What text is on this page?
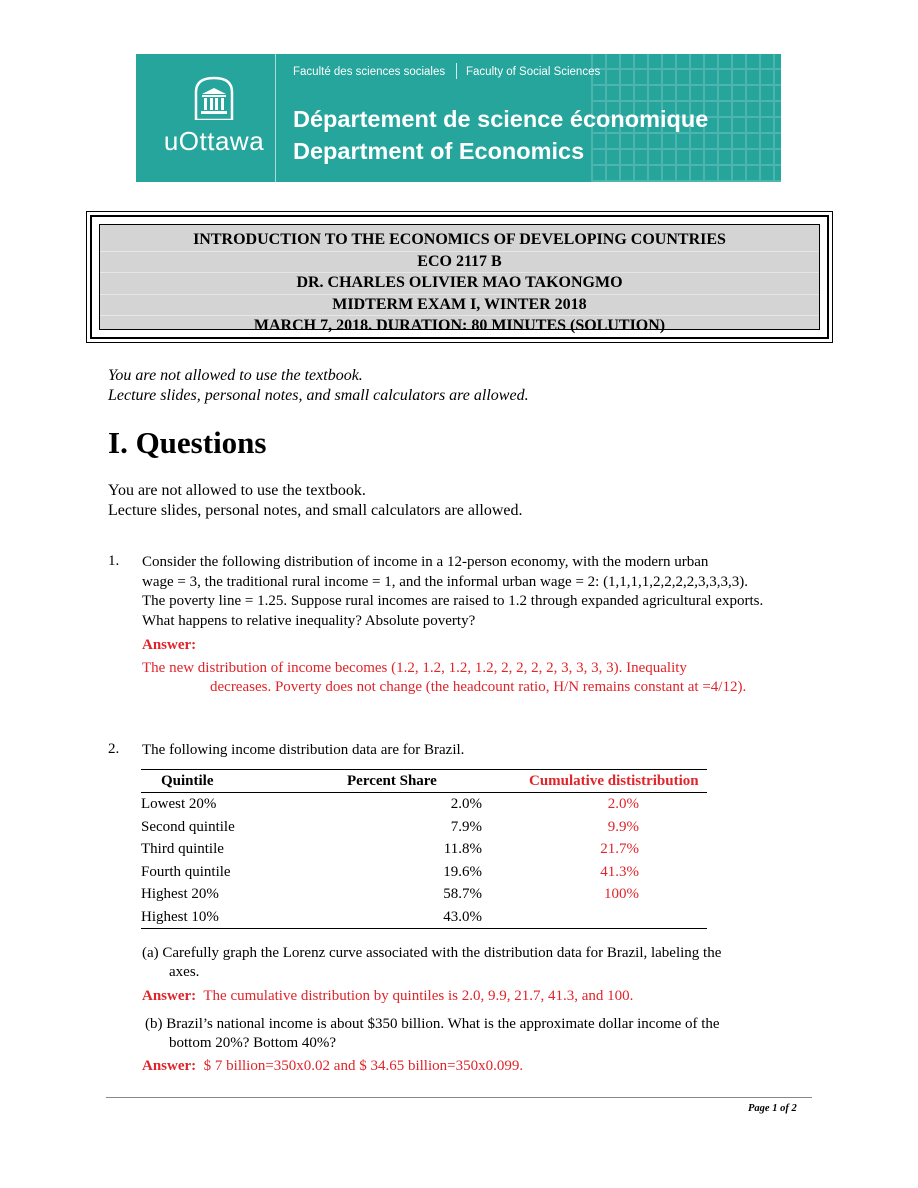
uOttawa
Faculté des sciences sociales Faculty of Social Sciences
Département de science économique
Department of Economics
INTRODUCTION TO THE ECONOMICS OF DEVELOPING COUNTRIES
ECO 2117 B
DR. CHARLES OLIVIER MAO TAKONGMO
MIDTERM EXAM I, WINTER 2018
MARCH 7, 2018. DURATION: 80 MINUTES (SOLUTION)
You are not allowed to use the textbook.
Lecture slides, personal notes, and small calculators are allowed.
I. Questions
You are not allowed to use the textbook.
Lecture slides, personal notes, and small calculators are allowed.
1. Consider the following distribution of income in a 12-person economy, with the modern urban
wage = 3, the traditional rural income = 1, and the informal urban wage = 2: (1,1,1,1,2,2,2,2,3,3,3,3).
The poverty line = 1.25. Suppose rural incomes are raised to 1.2 through expanded agricultural exports.
What happens to relative inequality? Absolute poverty?
Answer:
The new distribution of income becomes (1.2, 1.2, 1.2, 1.2, 2, 2, 2, 2, 3, 3, 3, 3). Inequality
decreases. Poverty does not change (the headcount ratio, H/N remains constant at =4/12).
2. The following income distribution data are for Brazil.
Quintile	Percent Share	Cumulative dististribution
Lowest 20%	2.0%	2.0%
Second quintile	7.9%	9.9%
Third quintile	11.8%	21.7%
Fourth quintile	19.6%	41.3%
Highest 20%	58.7%	100%
Highest 10%	43.0%	
(a) Carefully graph the Lorenz curve associated with the distribution data for Brazil, labeling the
axes.
Answer: The cumulative distribution by quintiles is 2.0, 9.9, 21.7, 41.3, and 100.
(b) Brazil’s national income is about $350 billion. What is the approximate dollar income of the
bottom 20%? Bottom 40%?
Answer: $ 7 billion=350x0.02 and $ 34.65 billion=350x0.099.
Page 1 of 2
